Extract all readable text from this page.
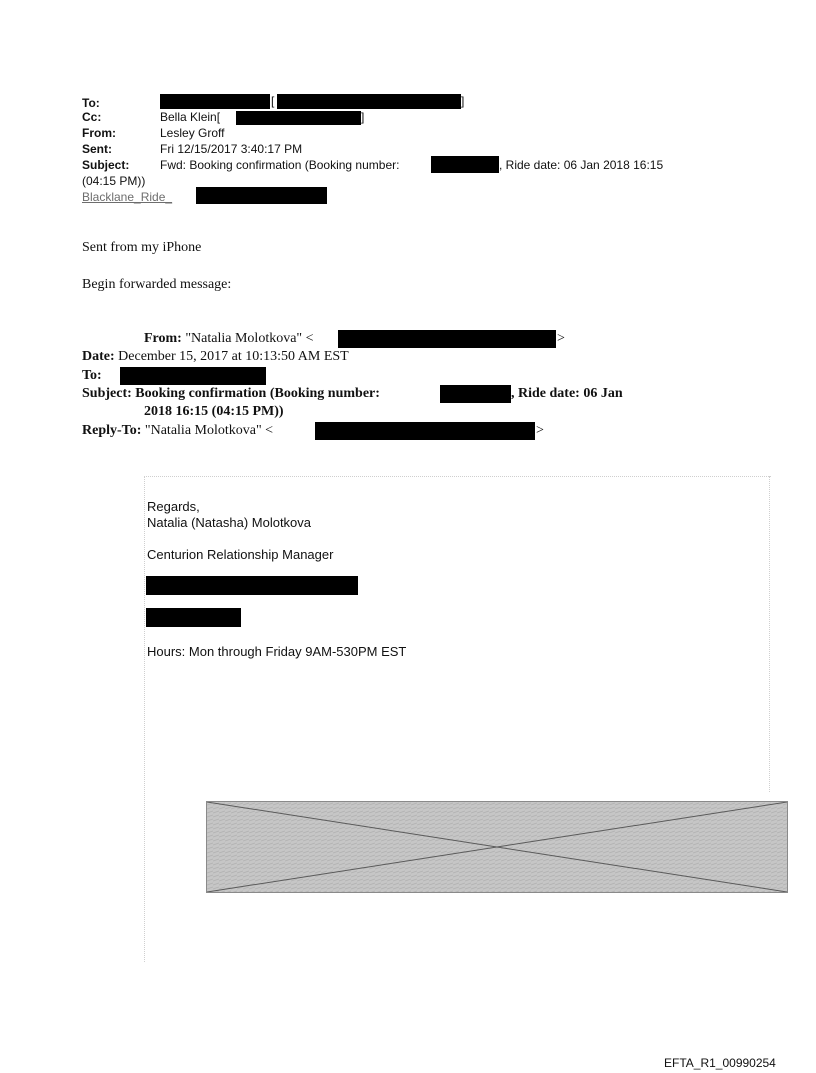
To:	[	]
Cc:	Bella Klein[	]
From:	Lesley Groff
Sent:	Fri 12/15/2017 3:40:17 PM
Subject:	Fwd: Booking confirmation (Booking number:	, Ride date: 06 Jan 2018 16:15
(04:15 PM))
Blacklane_Ride_
Sent from my iPhone
Begin forwarded message:
From: "Natalia Molotkova" <	>
Date: December 15, 2017 at 10:13:50 AM EST
To:
Subject: Booking confirmation (Booking number:	, Ride date: 06 Jan
2018 16:15 (04:15 PM))
Reply-To: "Natalia Molotkova" <	>
Regards,
Natalia (Natasha) Molotkova
Centurion Relationship Manager
Hours: Mon through Friday 9AM-530PM EST
EFTA_R1_00990254
